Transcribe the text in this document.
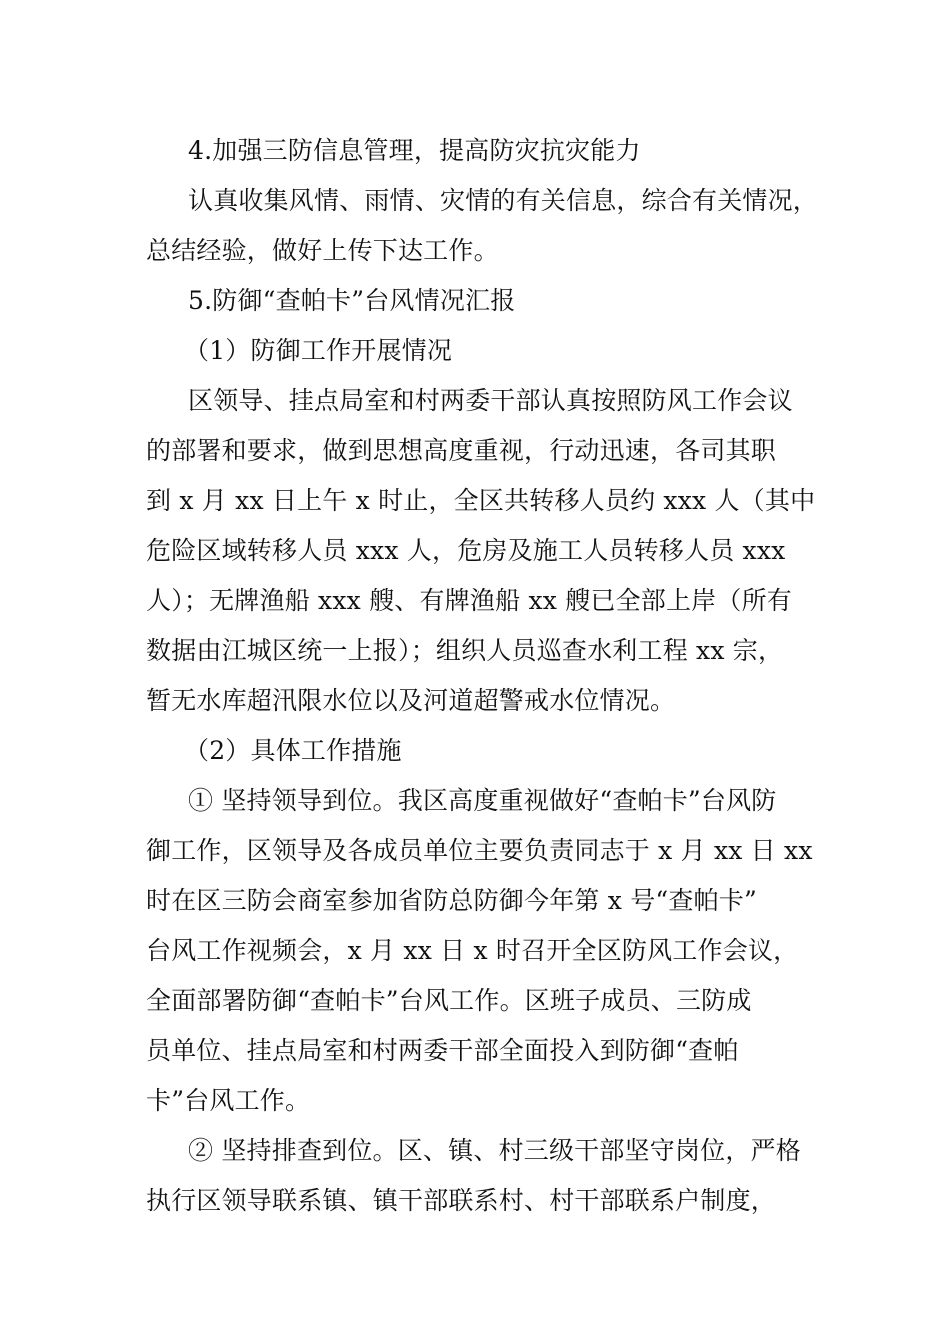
4.加强三防信息管理，提高防灾抗灾能力
认真收集风情、雨情、灾情的有关信息，综合有关情况，
总结经验，做好上传下达工作。
5.防御“查帕卡”台风情况汇报
（1）防御工作开展情况
区领导、挂点局室和村两委干部认真按照防风工作会议
的部署和要求，做到思想高度重视，行动迅速，各司其职
到 x 月 xx 日上午 x 时止，全区共转移人员约 xxx 人（其中
危险区域转移人员 xxx 人，危房及施工人员转移人员 xxx
人）；无牌渔船 xxx 艘、有牌渔船 xx 艘已全部上岸（所有
数据由江城区统一上报）；组织人员巡查水利工程 xx 宗，
暂无水库超汛限水位以及河道超警戒水位情况。
（2）具体工作措施
① 坚持领导到位。我区高度重视做好“查帕卡”台风防
御工作，区领导及各成员单位主要负责同志于 x 月 xx 日 xx
时在区三防会商室参加省防总防御今年第 x 号“查帕卡”
台风工作视频会，x 月 xx 日 x 时召开全区防风工作会议，
全面部署防御“查帕卡”台风工作。区班子成员、三防成
员单位、挂点局室和村两委干部全面投入到防御“查帕
卡”台风工作。
② 坚持排查到位。区、镇、村三级干部坚守岗位，严格
执行区领导联系镇、镇干部联系村、村干部联系户制度，
